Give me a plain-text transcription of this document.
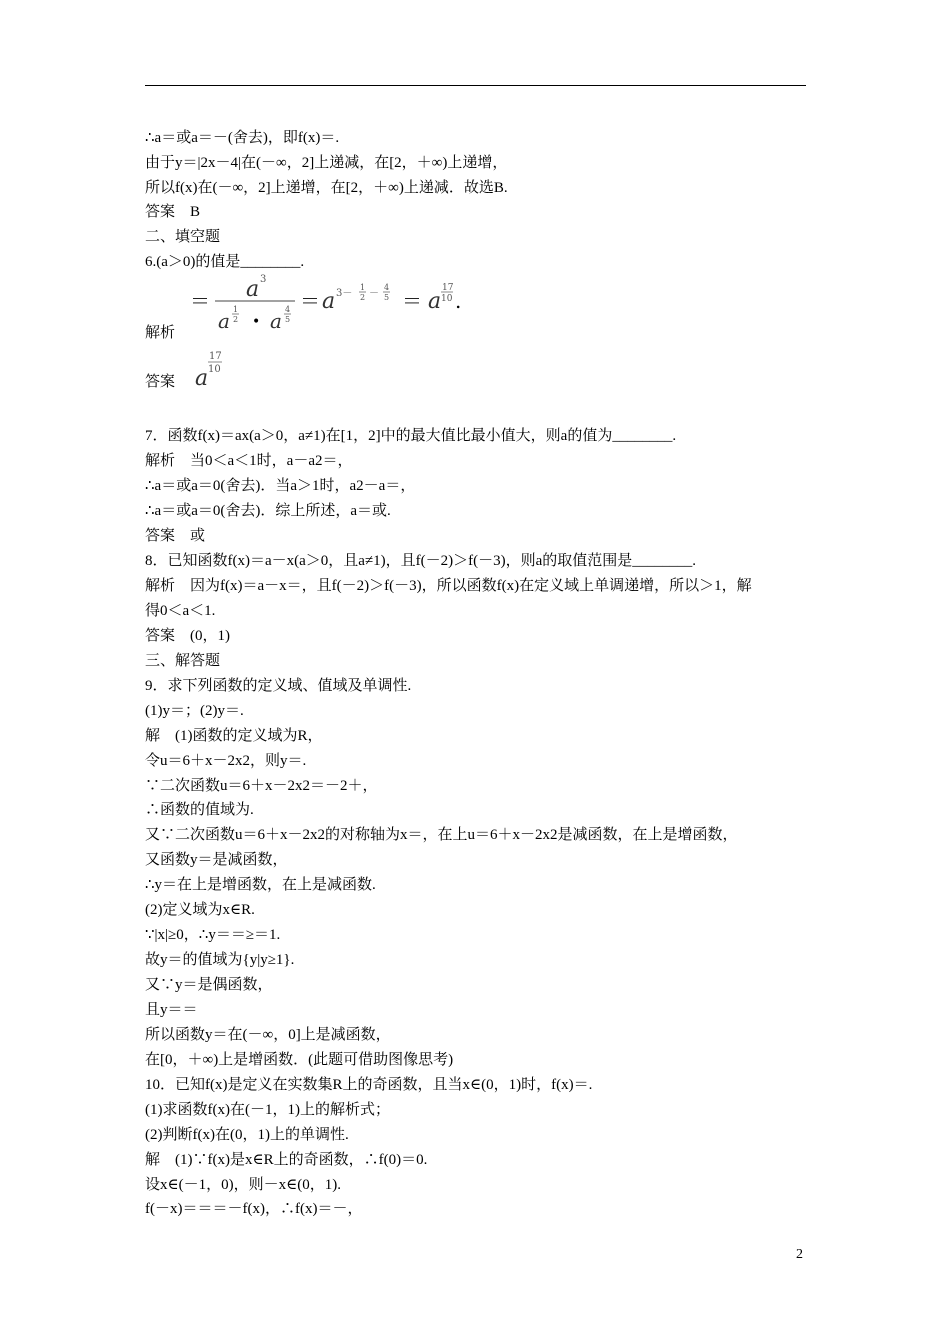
∴a＝或a＝－(舍去)，即f(x)＝.
由于y＝|2x－4|在(－∞，2]上递减，在[2，＋∞)上递增，
所以f(x)在(－∞，2]上递增，在[2，＋∞)上递减．故选B.
答案　B
二、填空题
6.(a＞0)的值是________.
＝ a 3
a 1
2 • a 4
5
＝ a 3－
1
2 －
4
5 ＝ a
17
10 .
解析
答案 a
17
10
7．函数f(x)＝ax(a＞0，a≠1)在[1，2]中的最大值比最小值大，则a的值为________.
解析　当0＜a＜1时，a－a2＝，
∴a＝或a＝0(舍去)．当a＞1时，a2－a＝，
∴a＝或a＝0(舍去)．综上所述，a＝或.
答案　或
8．已知函数f(x)＝a－x(a＞0，且a≠1)，且f(－2)＞f(－3)，则a的取值范围是________.
解析　因为f(x)＝a－x＝，且f(－2)＞f(－3)，所以函数f(x)在定义域上单调递增，所以＞1，解
得0＜a＜1.
答案　(0，1)
三、解答题
9．求下列函数的定义域、值域及单调性.
(1)y＝；(2)y＝.
解　(1)函数的定义域为R，
令u＝6＋x－2x2，则y＝.
∵二次函数u＝6＋x－2x2＝－2＋，
∴函数的值域为.
又∵二次函数u＝6＋x－2x2的对称轴为x＝，在上u＝6＋x－2x2是减函数，在上是增函数，
又函数y＝是减函数，
∴y＝在上是增函数，在上是减函数.
(2)定义域为x∈R.
∵|x|≥0，∴y＝＝≥＝1.
故y＝的值域为{y|y≥1}.
又∵y＝是偶函数，
且y＝＝
所以函数y＝在(－∞，0]上是减函数，
在[0，＋∞)上是增函数．(此题可借助图像思考)
10．已知f(x)是定义在实数集R上的奇函数，且当x∈(0，1)时，f(x)＝.
(1)求函数f(x)在(－1，1)上的解析式；
(2)判断f(x)在(0，1)上的单调性.
解　(1)∵f(x)是x∈R上的奇函数，∴f(0)＝0.
设x∈(－1，0)，则－x∈(0，1).
f(－x)＝＝＝－f(x)，∴f(x)＝－，
2
